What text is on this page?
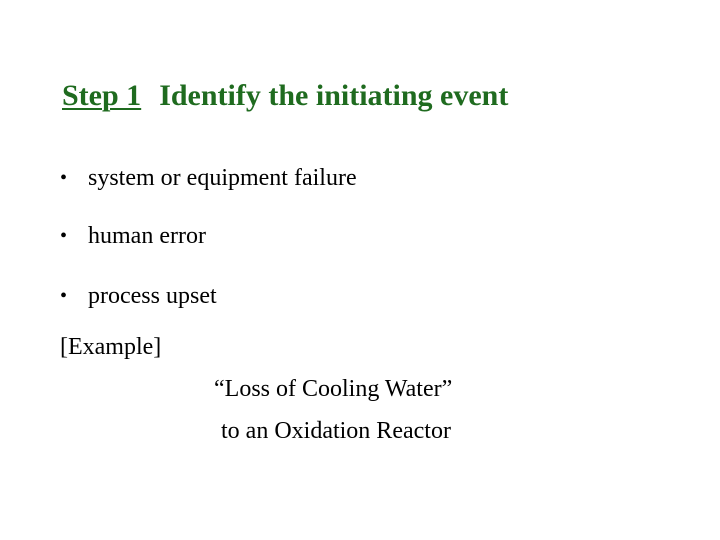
Step 1 Identify the initiating event
• system or equipment failure
• human error
• process upset
[Example]
“Loss of Cooling Water”
to an Oxidation Reactor
